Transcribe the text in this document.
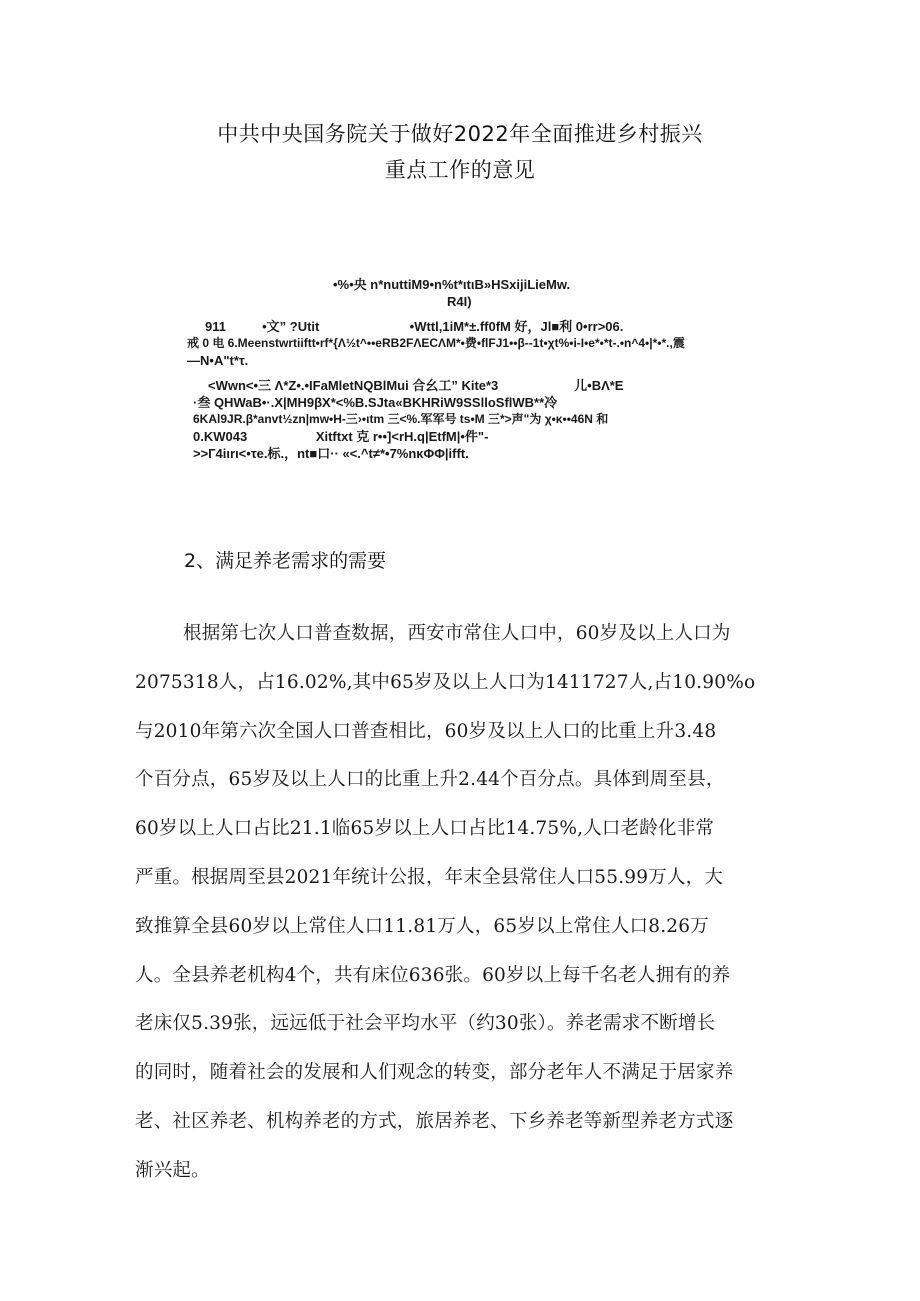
中共中央国务院关于做好2022年全面推进乡村振兴
重点工作的意见
•%•央 n*nuttiM9•n%t*ιtιB»HSxijiLieMw.
R4I)
911          •文” ?Utit                         •Wttl,1iM*±.ff0fM 好，Jl■利 0•rr>06.
戒 0 电 6.Meenstwrtiiftt•rf*{Λ½t^••eRB2FΛECΛM*•费•flFJ1••β--1t•χt%•i-I•e*•*t-.•n^4•|*•*.,震
—N•A"t*τ.
<Wwn<•三 Λ*Z•.•IFaMletNQBlMui 合幺工” Kite*3                     儿•BΛ*E
·叁 QHWaB•·.X|MH9βX*<%B.SJta«BKHRiW9SSlloSflWB**冷
6KAl9JR.β*anvt½zn|mw•H-三›•ιtm 三<%.军军号 ts•M 三*>声"为 χ•κ••46N 和
0.KW043                   Xitftxt 克 r••]<rH.q|EtfM|•件"-
>>Г4iιrι<•τe.标.，nt■口·· «<.^t≠*•7%nκΦΦ|ifft.
2、满足养老需求的需要
根据第七次人口普查数据，西安市常住人口中，60岁及以上人口为
2075318人，占16.02%,其中65岁及以上人口为1411727人,占10.90%o
与2010年第六次全国人口普查相比，60岁及以上人口的比重上升3.48
个百分点，65岁及以上人口的比重上升2.44个百分点。具体到周至县，
60岁以上人口占比21.1临65岁以上人口占比14.75%,人口老龄化非常
严重。根据周至县2021年统计公报，年末全县常住人口55.99万人，大
致推算全县60岁以上常住人口11.81万人，65岁以上常住人口8.26万
人。全县养老机构4个，共有床位636张。60岁以上每千名老人拥有的养
老床仅5.39张，远远低于社会平均水平（约30张）。养老需求不断增长
的同时，随着社会的发展和人们观念的转变，部分老年人不满足于居家养
老、社区养老、机构养老的方式，旅居养老、下乡养老等新型养老方式逐
渐兴起。
